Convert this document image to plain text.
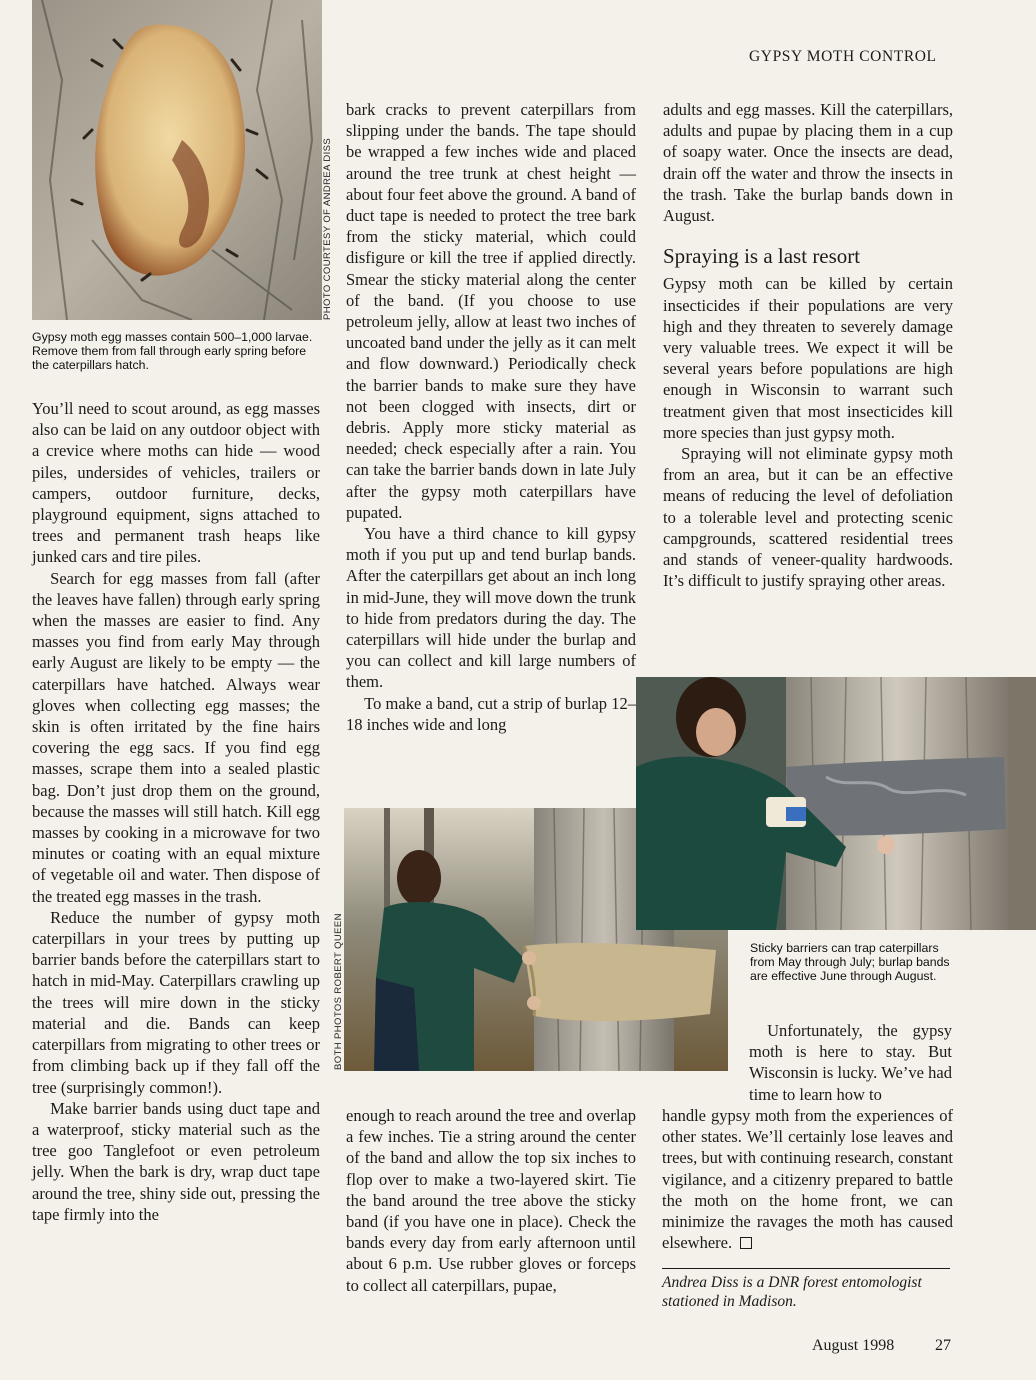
GYPSY MOTH CONTROL
PHOTO COURTESY OF ANDREA DISS
Gypsy moth egg masses contain 500–1,000 larvae. Remove them from fall through early spring before the caterpillars hatch.

You’ll need to scout around, as egg masses also can be laid on any outdoor object with a crevice where moths can hide — wood piles, undersides of vehicles, trailers or campers, outdoor furniture, decks, playground equipment, signs attached to trees and permanent trash heaps like junked cars and tire piles.

Search for egg masses from fall (after the leaves have fallen) through early spring when the masses are easier to find. Any masses you find from early May through early August are likely to be empty — the caterpillars have hatched. Always wear gloves when collecting egg masses; the skin is often irritated by the fine hairs covering the egg sacs. If you find egg masses, scrape them into a sealed plastic bag. Don’t just drop them on the ground, because the masses will still hatch. Kill egg masses by cooking in a microwave for two minutes or coating with an equal mixture of vegetable oil and water. Then dispose of the treated egg masses in the trash.

Reduce the number of gypsy moth caterpillars in your trees by putting up barrier bands before the caterpillars start to hatch in mid-May. Caterpillars crawling up the trees will mire down in the sticky material and die. Bands can keep caterpillars from migrating to other trees or from climbing back up if they fall off the tree (surprisingly common!).

Make barrier bands using duct tape and a waterproof, sticky material such as the tree goo Tanglefoot or even petroleum jelly. When the bark is dry, wrap duct tape around the tree, shiny side out, pressing the tape firmly into the

bark cracks to prevent caterpillars from slipping under the bands. The tape should be wrapped a few inches wide and placed around the tree trunk at chest height — about four feet above the ground. A band of duct tape is needed to protect the tree bark from the sticky material, which could disfigure or kill the tree if applied directly. Smear the sticky material along the center of the band. (If you choose to use petroleum jelly, allow at least two inches of uncoated band under the jelly as it can melt and flow downward.) Periodically check the barrier bands to make sure they have not been clogged with insects, dirt or debris. Apply more sticky material as needed; check especially after a rain. You can take the barrier bands down in late July after the gypsy moth caterpillars have pupated.

You have a third chance to kill gypsy moth if you put up and tend burlap bands. After the caterpillars get about an inch long in mid-June, they will move down the trunk to hide from predators during the day. The caterpillars will hide under the burlap and you can collect and kill large numbers of them.

To make a band, cut a strip of burlap 12–18 inches wide and long

BOTH PHOTOS ROBERT QUEEN

enough to reach around the tree and overlap a few inches. Tie a string around the center of the band and allow the top six inches to flop over to make a two-layered skirt. Tie the band around the tree above the sticky band (if you have one in place). Check the bands every day from early afternoon until about 6 p.m. Use rubber gloves or forceps to collect all caterpillars, pupae,

adults and egg masses. Kill the caterpillars, adults and pupae by placing them in a cup of soapy water. Once the insects are dead, drain off the water and throw the insects in the trash. Take the burlap bands down in August.

Spraying is a last resort

Gypsy moth can be killed by certain insecticides if their populations are very high and they threaten to severely damage very valuable trees. We expect it will be several years before populations are high enough in Wisconsin to warrant such treatment given that most insecticides kill more species than just gypsy moth.

Spraying will not eliminate gypsy moth from an area, but it can be an effective means of reducing the level of defoliation to a tolerable level and protecting scenic campgrounds, scattered residential trees and stands of veneer-quality hardwoods. It’s difficult to justify spraying other areas.

Sticky barriers can trap caterpillars from May through July; burlap bands are effective June through August.

Unfortunately, the gypsy moth is here to stay. But Wisconsin is lucky. We’ve had time to learn how to

handle gypsy moth from the experiences of other states. We’ll certainly lose leaves and trees, but with continuing research, constant vigilance, and a citizenry prepared to battle the moth on the home front, we can minimize the ravages the moth has caused elsewhere.

Andrea Diss is a DNR forest entomologist stationed in Madison.
August 1998	27
